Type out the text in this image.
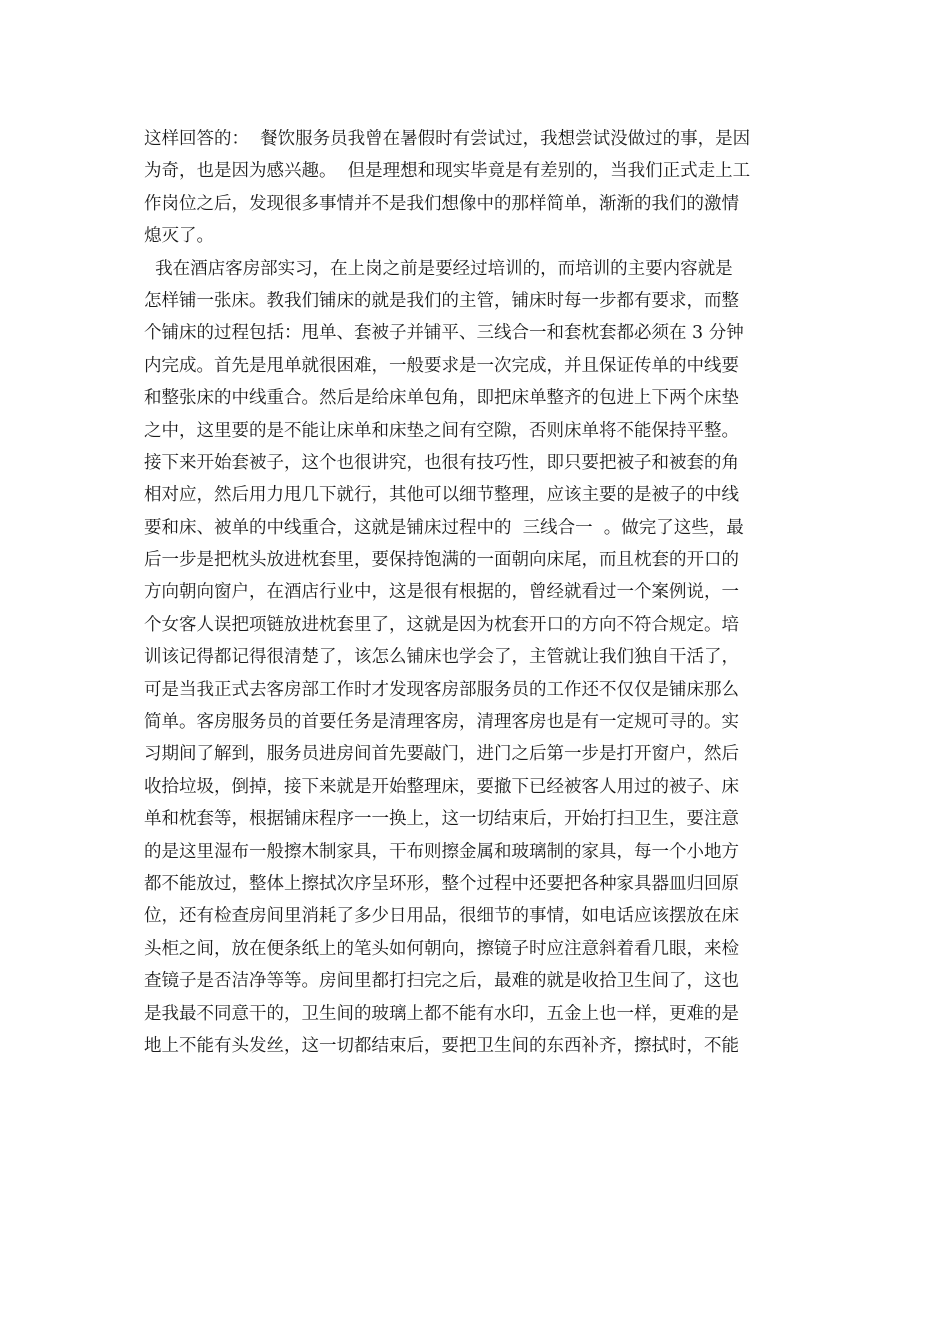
这样回答的：  餐饮服务员我曾在暑假时有尝试过，我想尝试没做过的事，是因
为奇，也是因为感兴趣。  但是理想和现实毕竟是有差别的，当我们正式走上工
作岗位之后，发现很多事情并不是我们想像中的那样简单，渐渐的我们的激情
熄灭了。
我在酒店客房部实习，在上岗之前是要经过培训的，而培训的主要内容就是
怎样铺一张床。教我们铺床的就是我们的主管，铺床时每一步都有要求，而整
个铺床的过程包括：甩单、套被子并铺平、三线合一和套枕套都必须在 3 分钟
内完成。首先是甩单就很困难，一般要求是一次完成，并且保证传单的中线要
和整张床的中线重合。然后是给床单包角，即把床单整齐的包进上下两个床垫
之中，这里要的是不能让床单和床垫之间有空隙，否则床单将不能保持平整。
接下来开始套被子，这个也很讲究，也很有技巧性，即只要把被子和被套的角
相对应，然后用力甩几下就行，其他可以细节整理，应该主要的是被子的中线
要和床、被单的中线重合，这就是铺床过程中的  三线合一  。做完了这些，最
后一步是把枕头放进枕套里，要保持饱满的一面朝向床尾，而且枕套的开口的
方向朝向窗户，在酒店行业中，这是很有根据的，曾经就看过一个案例说，一
个女客人误把项链放进枕套里了，这就是因为枕套开口的方向不符合规定。培
训该记得都记得很清楚了，该怎么铺床也学会了，主管就让我们独自干活了，
可是当我正式去客房部工作时才发现客房部服务员的工作还不仅仅是铺床那么
简单。客房服务员的首要任务是清理客房，清理客房也是有一定规可寻的。实
习期间了解到，服务员进房间首先要敲门，进门之后第一步是打开窗户，然后
收拾垃圾，倒掉，接下来就是开始整理床，要撤下已经被客人用过的被子、床
单和枕套等，根据铺床程序一一换上，这一切结束后，开始打扫卫生，要注意
的是这里湿布一般擦木制家具，干布则擦金属和玻璃制的家具，每一个小地方
都不能放过，整体上擦拭次序呈环形，整个过程中还要把各种家具器皿归回原
位，还有检查房间里消耗了多少日用品，很细节的事情，如电话应该摆放在床
头柜之间，放在便条纸上的笔头如何朝向，擦镜子时应注意斜着看几眼，来检
查镜子是否洁净等等。房间里都打扫完之后，最难的就是收拾卫生间了，这也
是我最不同意干的，卫生间的玻璃上都不能有水印，五金上也一样，更难的是
地上不能有头发丝，这一切都结束后，要把卫生间的东西补齐，擦拭时，不能
